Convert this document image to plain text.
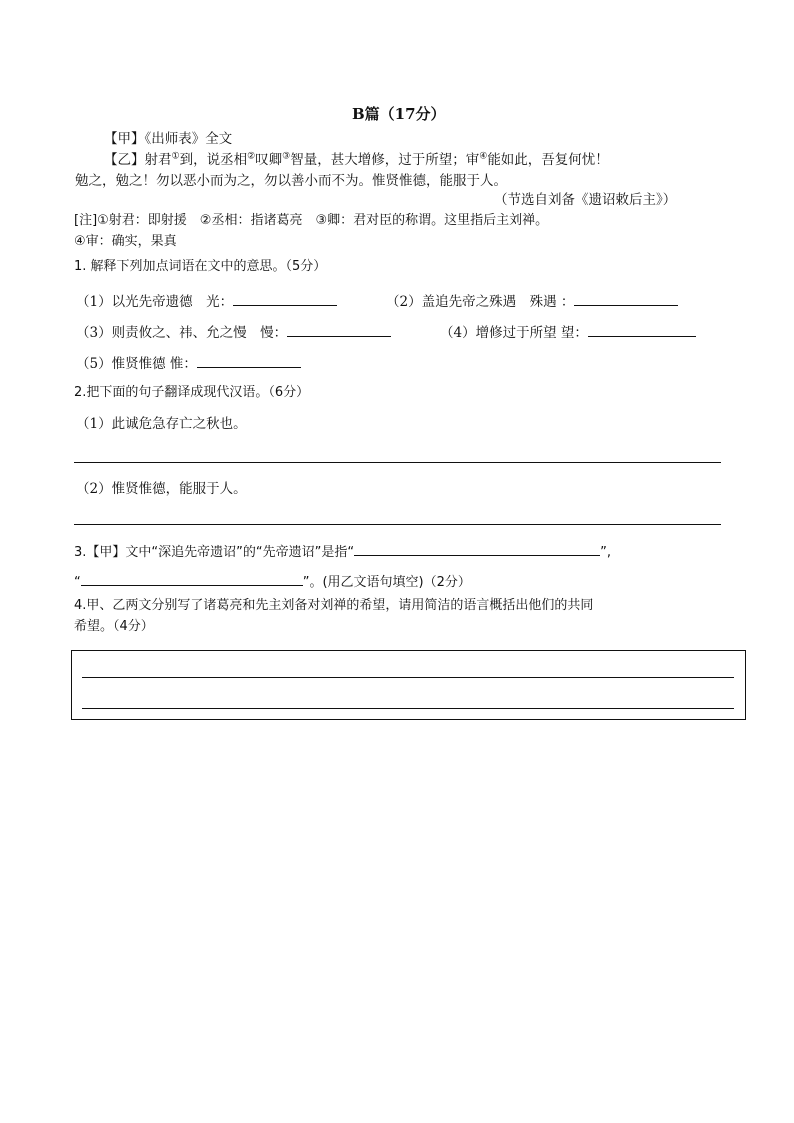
B篇（17分）
【甲】《出师表》全文
【乙】射君①到，说丞相②叹卿③智量，甚大增修，过于所望；审④能如此，吾复何忧！
勉之，勉之！勿以恶小而为之，勿以善小而不为。惟贤惟德，能服于人。
（节选自刘备《遗诏敕后主》）
[注]①射君：即射援　②丞相：指诸葛亮　③卿：君对臣的称谓。这里指后主刘禅。
④审：确实，果真
1. 解释下列加点词语在文中的意思。（5分）
（1）以光先帝遗德　光：	（2）盖追先帝之殊遇　殊遇 ：
（3）则责攸之、祎、允之慢　慢：	（4）增修过于所望 望：
（5）惟贤惟德 惟：
2.把下面的句子翻译成现代汉语。（6分）
（1）此诚危急存亡之秋也。
（2）惟贤惟德，能服于人。
3.【甲】文中“深追先帝遗诏”的“先帝遗诏”是指“	”,
“	”。(用乙文语句填空)（2分）
4.甲、乙两文分别写了诸葛亮和先主刘备对刘禅的希望，请用简洁的语言概括出他们的共同
希望。（4分）
